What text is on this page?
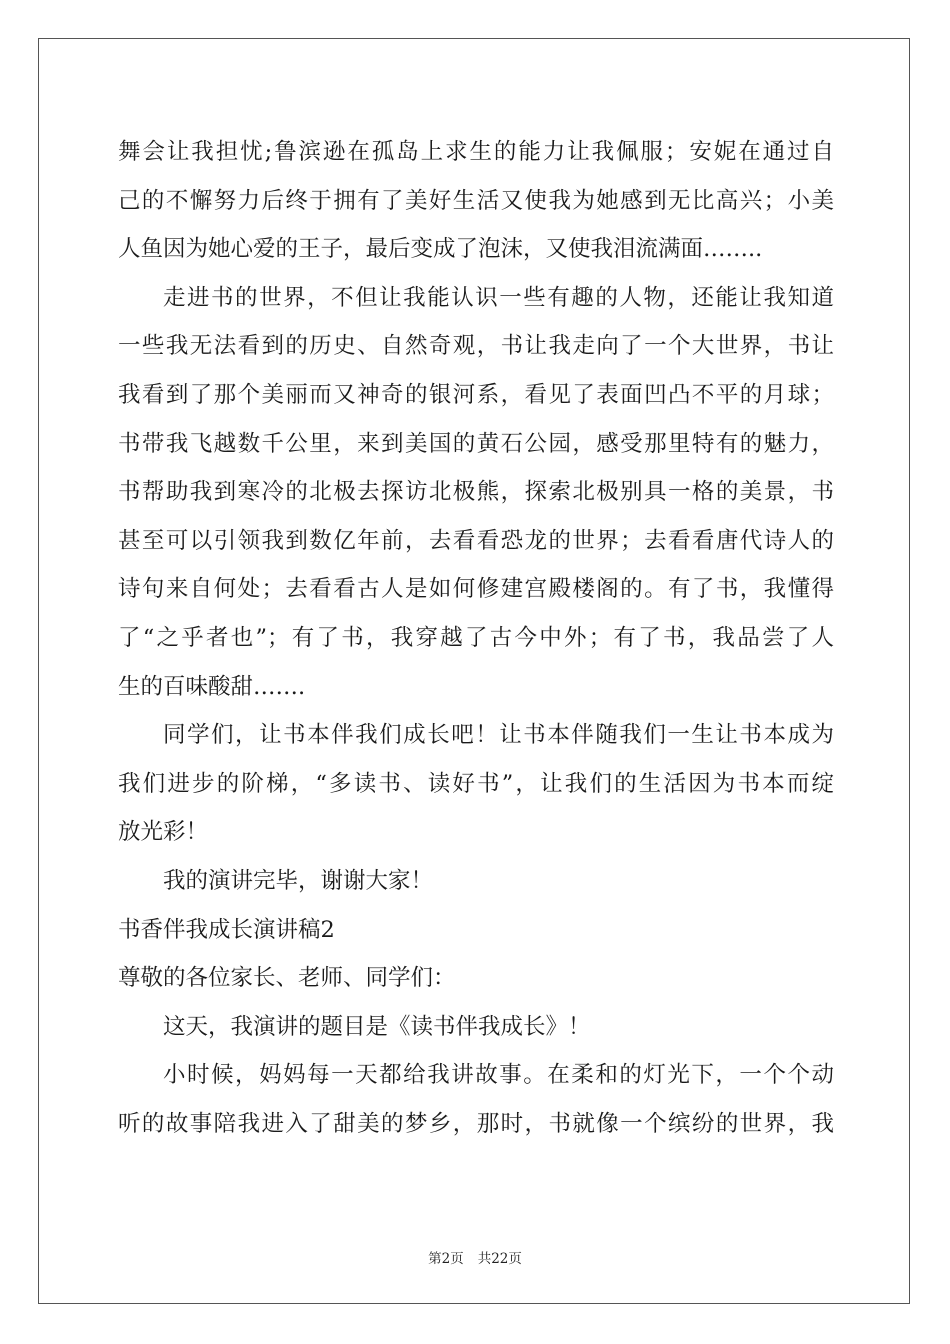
舞会让我担忧;鲁滨逊在孤岛上求生的能力让我佩服；安妮在通过自
己的不懈努力后终于拥有了美好生活又使我为她感到无比高兴；小美
人鱼因为她心爱的王子，最后变成了泡沫，又使我泪流满面……..
走进书的世界，不但让我能认识一些有趣的人物，还能让我知道
一些我无法看到的历史、自然奇观，书让我走向了一个大世界，书让
我看到了那个美丽而又神奇的银河系，看见了表面凹凸不平的月球；
书带我飞越数千公里，来到美国的黄石公园，感受那里特有的魅力，
书帮助我到寒冷的北极去探访北极熊，探索北极别具一格的美景，书
甚至可以引领我到数亿年前，去看看恐龙的世界；去看看唐代诗人的
诗句来自何处；去看看古人是如何修建宫殿楼阁的。有了书，我懂得
了“之乎者也”；有了书，我穿越了古今中外；有了书，我品尝了人
生的百味酸甜…….
同学们，让书本伴我们成长吧！让书本伴随我们一生让书本成为
我们进步的阶梯，“多读书、读好书”，让我们的生活因为书本而绽
放光彩！
我的演讲完毕，谢谢大家！
书香伴我成长演讲稿2
尊敬的各位家长、老师、同学们：
这天，我演讲的题目是《读书伴我成长》！
小时候，妈妈每一天都给我讲故事。在柔和的灯光下，一个个动
听的故事陪我进入了甜美的梦乡，那时，书就像一个缤纷的世界，我
第2页 共22页
